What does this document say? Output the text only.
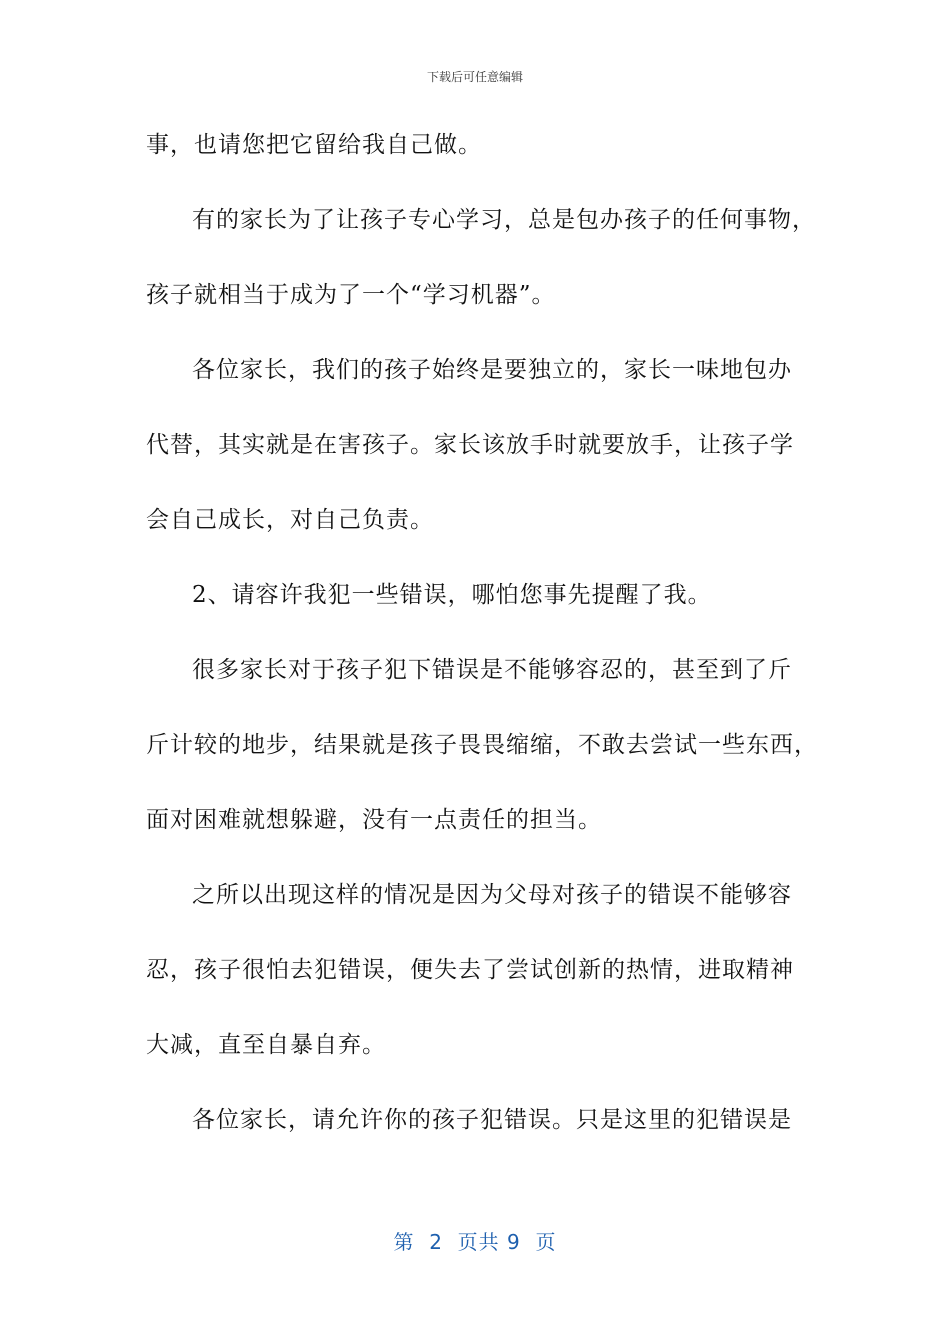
下载后可任意编辑
事，也请您把它留给我自己做。
有的家长为了让孩子专心学习，总是包办孩子的任何事物，
孩子就相当于成为了一个“学习机器”。
各位家长，我们的孩子始终是要独立的，家长一味地包办
代替，其实就是在害孩子。家长该放手时就要放手，让孩子学
会自己成长，对自己负责。
2、请容许我犯一些错误，哪怕您事先提醒了我。
很多家长对于孩子犯下错误是不能够容忍的，甚至到了斤
斤计较的地步，结果就是孩子畏畏缩缩，不敢去尝试一些东西，
面对困难就想躲避，没有一点责任的担当。
之所以出现这样的情况是因为父母对孩子的错误不能够容
忍，孩子很怕去犯错误，便失去了尝试创新的热情，进取精神
大减，直至自暴自弃。
各位家长，请允许你的孩子犯错误。只是这里的犯错误是
第  2  页共 9  页
